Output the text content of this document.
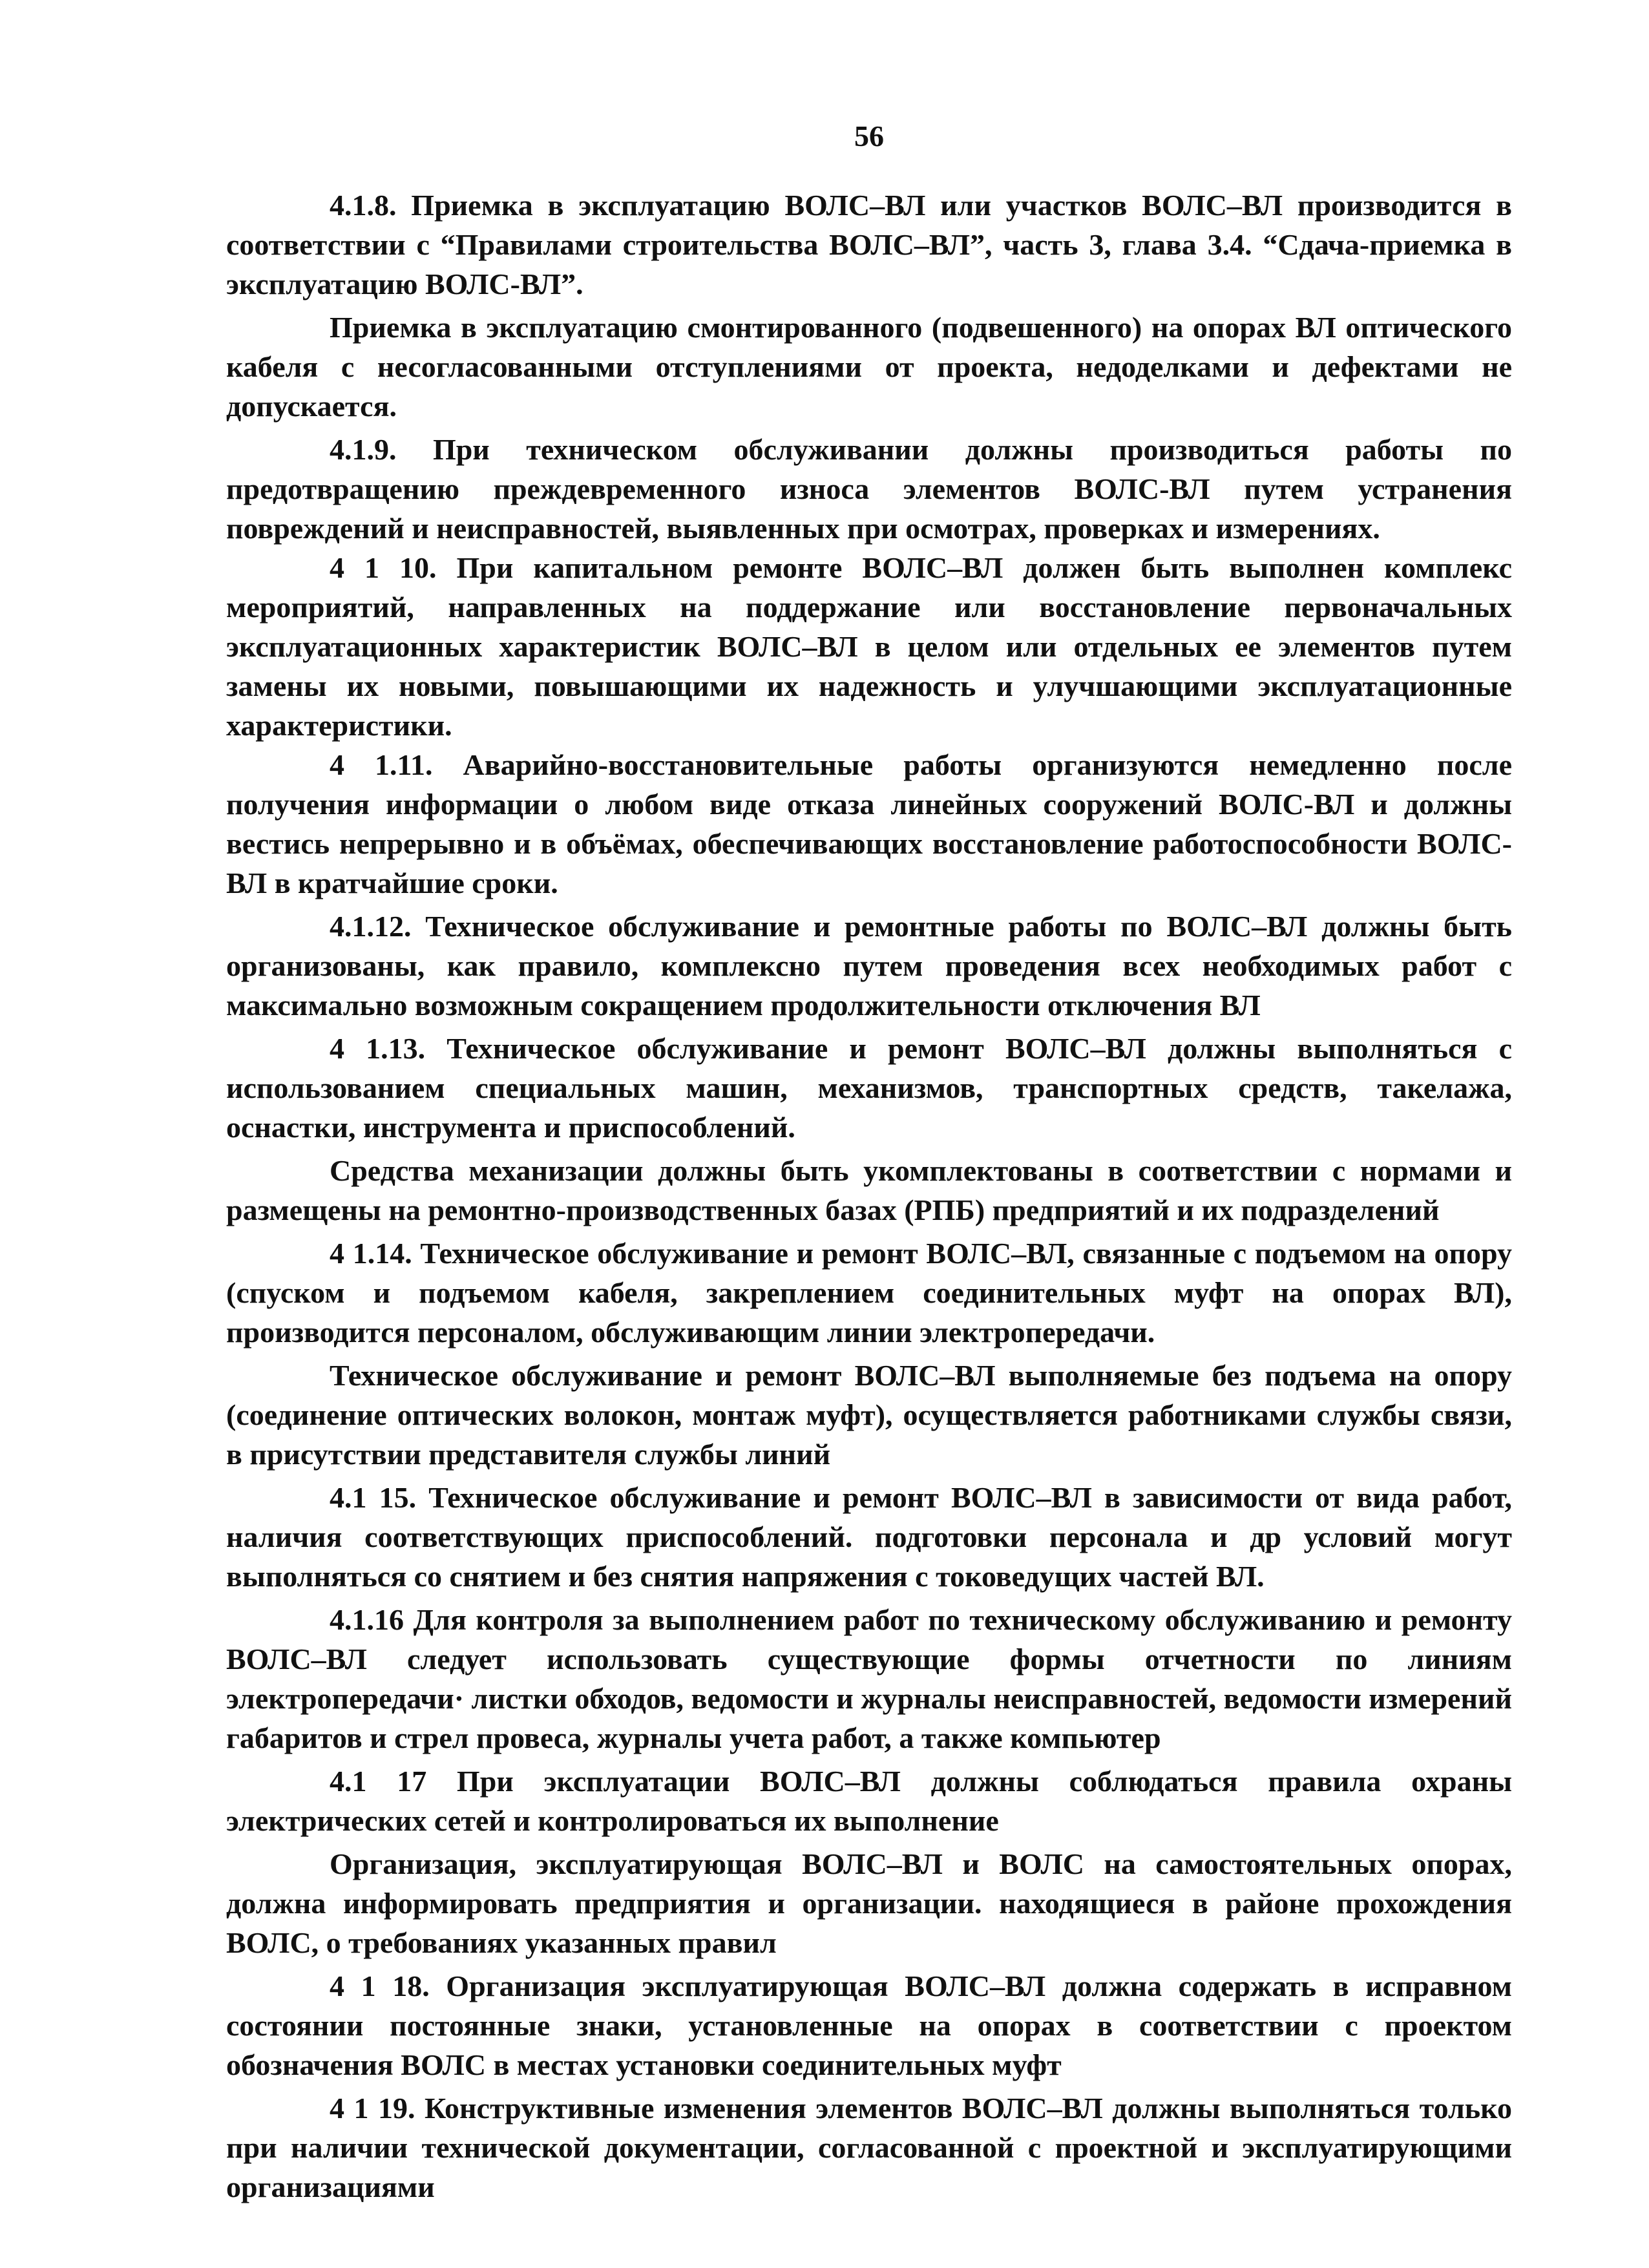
56

4.1.8. Приемка в эксплуатацию ВОЛС–ВЛ или участков ВОЛС–ВЛ производится в соответствии с “Правилами строительства ВОЛС–ВЛ”, часть 3, глава 3.4. “Сдача-приемка в эксплуатацию ВОЛС-ВЛ”.

Приемка в эксплуатацию смонтированного (подвешенного) на опорах ВЛ оптического кабеля с несогласованными отступлениями от проекта, недоделками и дефектами не допускается.

4.1.9. При техническом обслуживании должны производиться работы по предотвращению преждевременного износа элементов ВОЛС-ВЛ путем устранения повреждений и неисправностей, выявленных при осмотрах, проверках и измерениях.

4 1 10. При капитальном ремонте ВОЛС–ВЛ должен быть выполнен комплекс мероприятий, направленных на поддержание или восстановление первоначальных эксплуатационных характеристик ВОЛС–ВЛ в целом или отдельных ее элементов путем замены их новыми, повышающими их надежность и улучшающими эксплуатационные характеристики.

4 1.11. Аварийно-восстановительные работы организуются немедленно после получения информации о любом виде отказа линейных сооружений ВОЛС-ВЛ и должны вестись непрерывно и в объёмах, обеспечивающих восстановление работоспособности ВОЛС-ВЛ в кратчайшие сроки.

4.1.12. Техническое обслуживание и ремонтные работы по ВОЛС–ВЛ должны быть организованы, как правило, комплексно путем проведения всех необходимых работ с максимально возможным сокращением продолжительности отключения ВЛ

4 1.13. Техническое обслуживание и ремонт ВОЛС–ВЛ должны выполняться с использованием специальных машин, механизмов, транспортных средств, такелажа, оснастки, инструмента и приспособлений.

Средства механизации должны быть укомплектованы в соответствии с нормами и размещены на ремонтно-производственных базах (РПБ) предприятий и их подразделений

4 1.14. Техническое обслуживание и ремонт ВОЛС–ВЛ, связанные с подъемом на опору (спуском и подъемом кабеля, закреплением соединительных муфт на опорах ВЛ), производится персоналом, обслуживающим линии электропередачи.

Техническое обслуживание и ремонт ВОЛС–ВЛ выполняемые без подъема на опору (соединение оптических волокон, монтаж муфт), осуществляется работниками службы связи, в присутствии представителя службы линий

4.1 15. Техническое обслуживание и ремонт ВОЛС–ВЛ в зависимости от вида работ, наличия соответствующих приспособлений. подготовки персонала и др условий могут выполняться со снятием и без снятия напряжения с токоведущих частей ВЛ.

4.1.16 Для контроля за выполнением работ по техническому обслуживанию и ремонту ВОЛС–ВЛ следует использовать существующие формы отчетности по линиям электропередачи· листки обходов, ведомости и журналы неисправностей, ведомости измерений габаритов и стрел провеса, журналы учета работ, а также компьютер

4.1 17 При эксплуатации ВОЛС–ВЛ должны соблюдаться правила охраны электрических сетей и контролироваться их выполнение

Организация, эксплуатирующая ВОЛС–ВЛ и ВОЛС на самостоятельных опорах, должна информировать предприятия и организации. находящиеся в районе прохождения ВОЛС, о требованиях указанных правил

4 1 18. Организация эксплуатирующая ВОЛС–ВЛ должна содержать в исправном состоянии постоянные знаки, установленные на опорах в соответствии с проектом обозначения ВОЛС в местах установки соединительных муфт

4 1 19. Конструктивные изменения элементов ВОЛС–ВЛ должны выполняться только при наличии технической документации, согласованной с проектной и эксплуатирующими организациями
